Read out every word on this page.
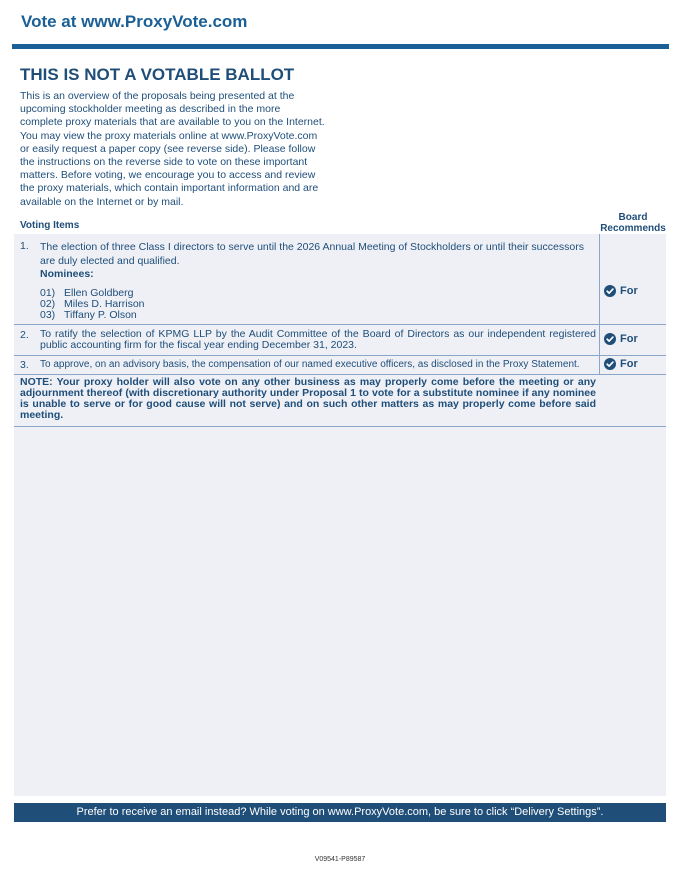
Vote at www.ProxyVote.com
THIS IS NOT A VOTABLE BALLOT
This is an overview of the proposals being presented at the
upcoming stockholder meeting as described in the more
complete proxy materials that are available to you on the Internet.
You may view the proxy materials online at www.ProxyVote.com
or easily request a paper copy (see reverse side). Please follow
the instructions on the reverse side to vote on these important
matters. Before voting, we encourage you to access and review
the proxy materials, which contain important information and are
available on the Internet or by mail.
Voting Items
Board
Recommends
1. The election of three Class I directors to serve until the 2026 Annual Meeting of Stockholders or until their successors
are duly elected and qualified.
Nominees:
01) Ellen Goldberg
02) Miles D. Harrison
03) Tiffany P. Olson
For
2. To ratify the selection of KPMG LLP by the Audit Committee of the Board of Directors as our independent registered public accounting firm for the fiscal year ending December 31, 2023.	For
3. To approve, on an advisory basis, the compensation of our named executive officers, as disclosed in the Proxy Statement.	For
NOTE: Your proxy holder will also vote on any other business as may properly come before the meeting or any adjournment thereof (with discretionary authority under Proposal 1 to vote for a substitute nominee if any nominee is unable to serve or for good cause will not serve) and on such other matters as may properly come before said meeting.
Prefer to receive an email instead? While voting on www.ProxyVote.com, be sure to click “Delivery Settings”.
V09541-P89587
